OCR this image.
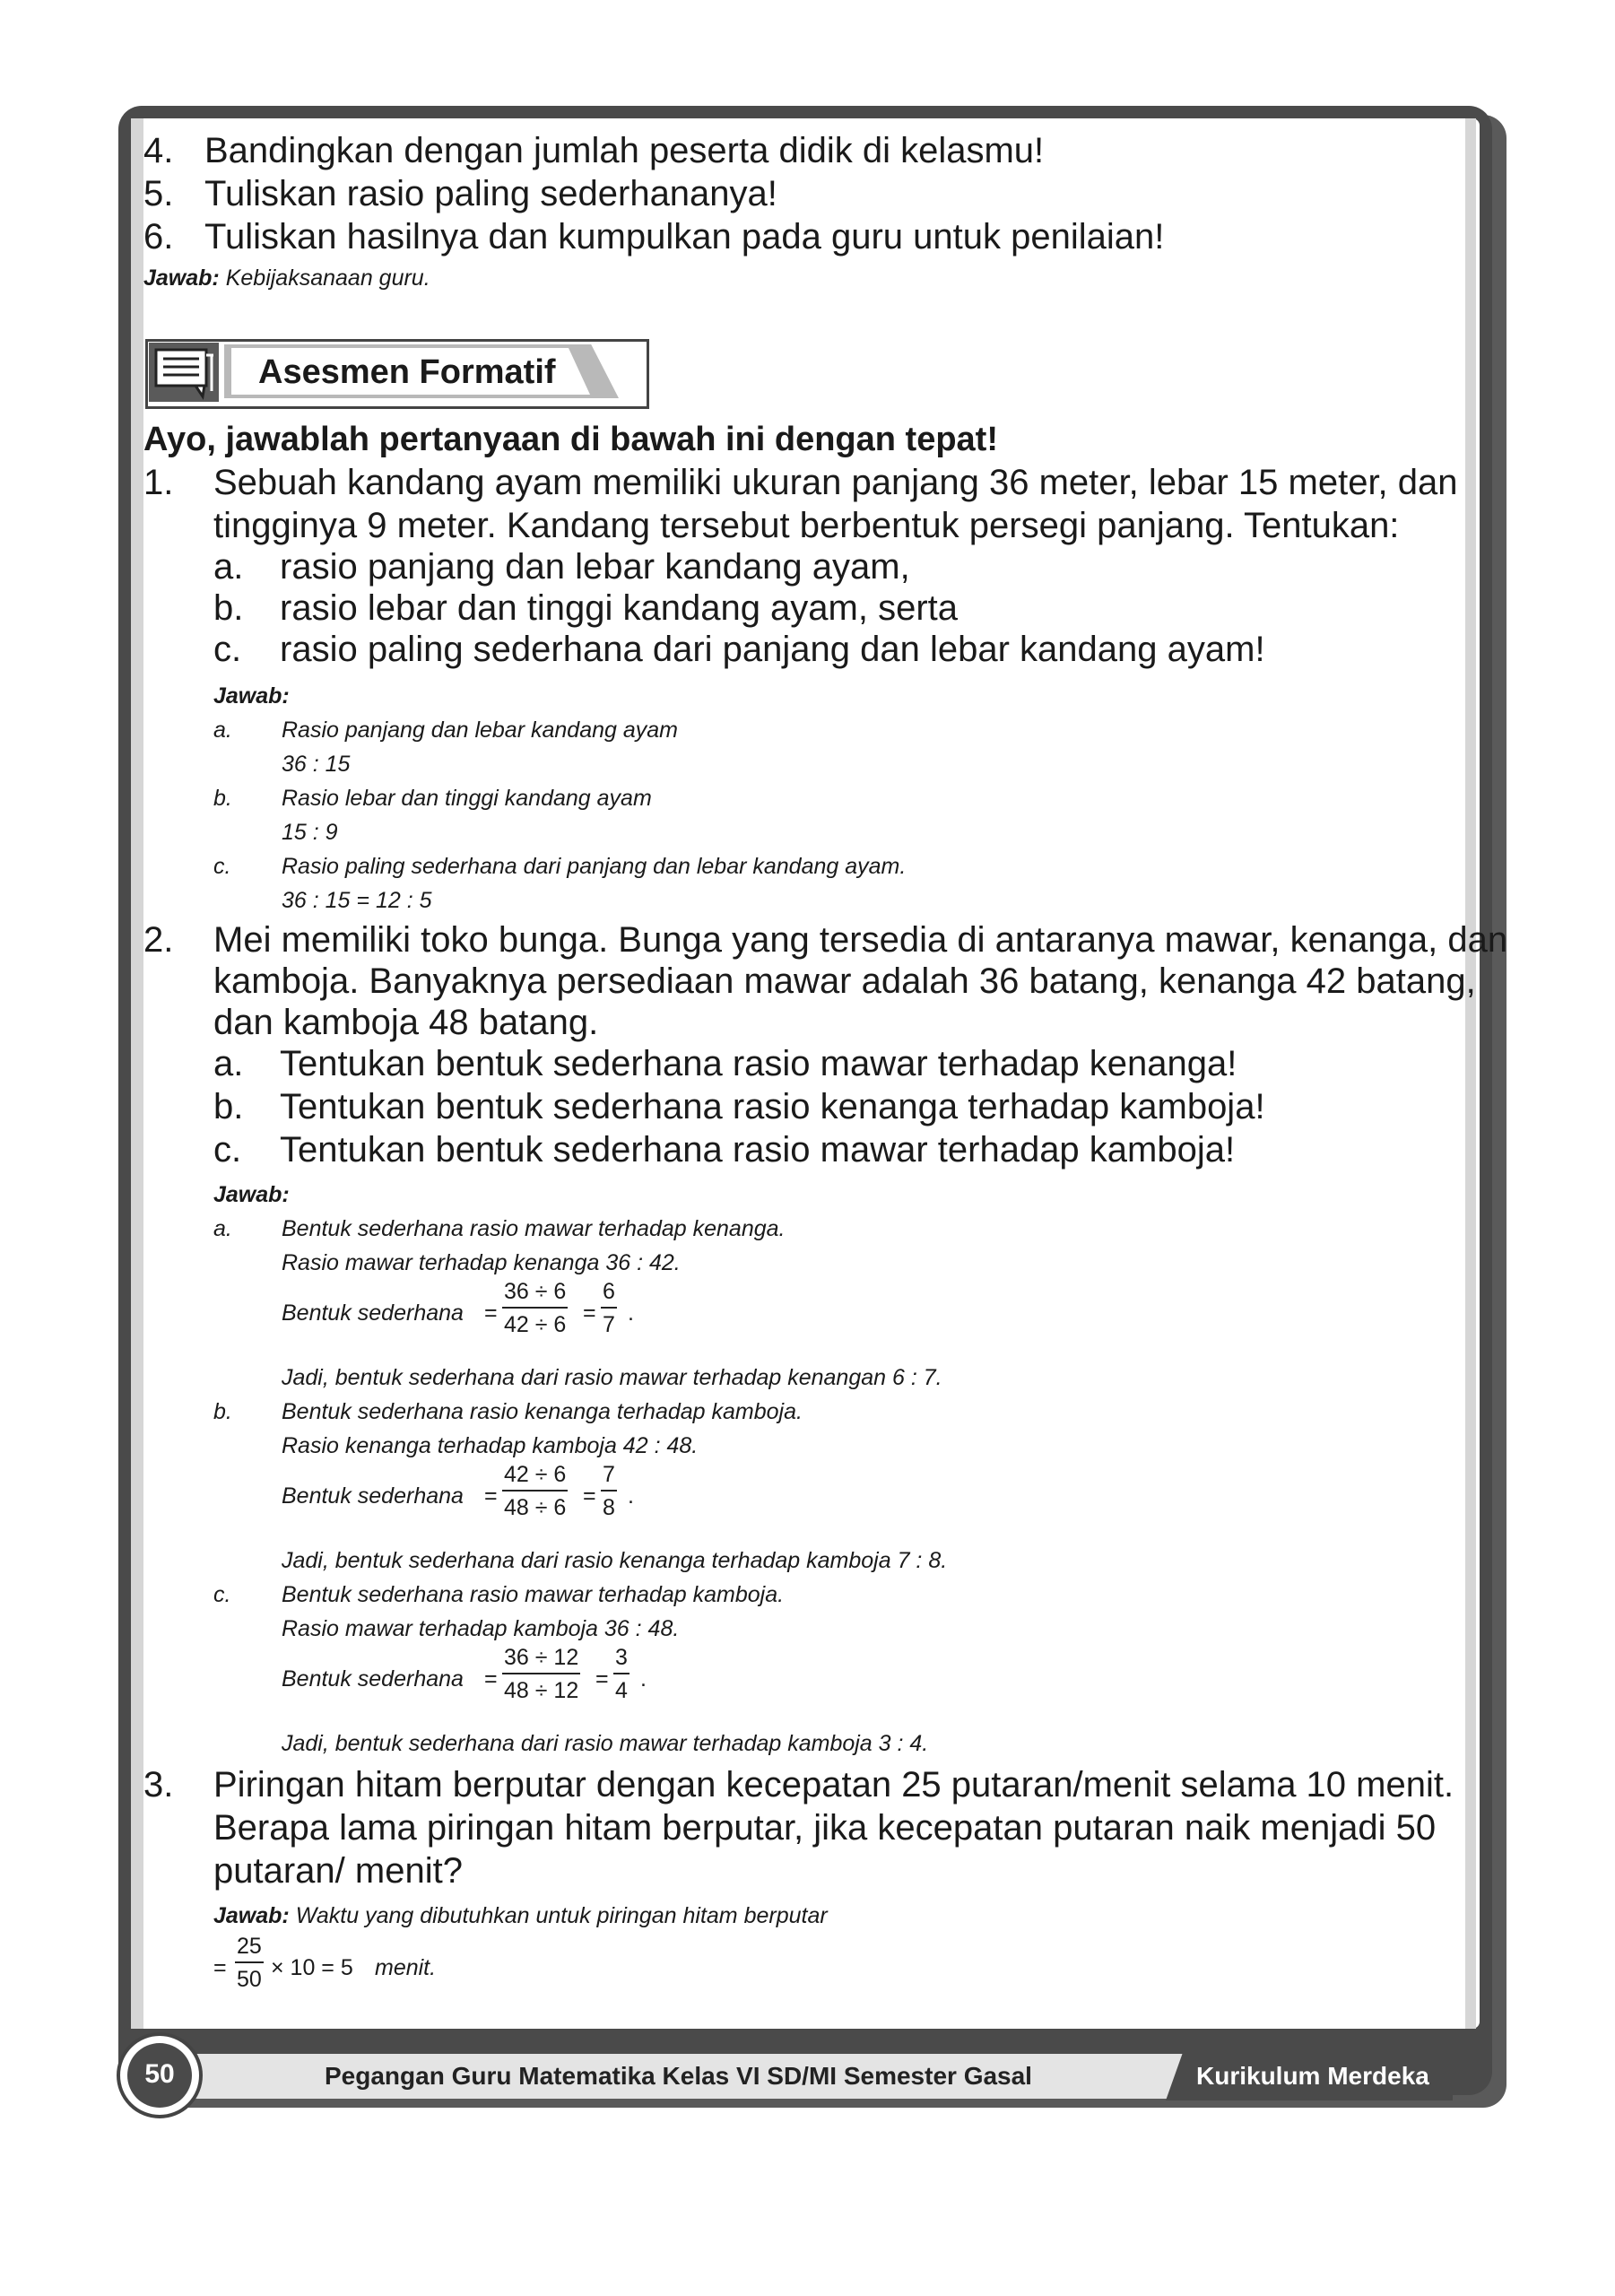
4. Bandingkan dengan jumlah peserta didik di kelasmu!
5. Tuliskan rasio paling sederhananya!
6. Tuliskan hasilnya dan kumpulkan pada guru untuk penilaian!
Jawab: Kebijaksanaan guru.
Asesmen Formatif
Ayo, jawablah pertanyaan di bawah ini dengan tepat!
1. Sebuah kandang ayam memiliki ukuran panjang 36 meter, lebar 15 meter, dan
tingginya 9 meter. Kandang tersebut berbentuk persegi panjang. Tentukan:
a. rasio panjang dan lebar kandang ayam,
b. rasio lebar dan tinggi kandang ayam, serta
c. rasio paling sederhana dari panjang dan lebar kandang ayam!
Jawab:
a. Rasio panjang dan lebar kandang ayam
36 : 15
b. Rasio lebar dan tinggi kandang ayam
15 : 9
c. Rasio paling sederhana dari panjang dan lebar kandang ayam.
36 : 15 = 12 : 5
2. Mei memiliki toko bunga. Bunga yang tersedia di antaranya mawar, kenanga, dan
kamboja. Banyaknya persediaan mawar adalah 36 batang, kenanga 42 batang,
dan kamboja 48 batang.
a. Tentukan bentuk sederhana rasio mawar terhadap kenanga!
b. Tentukan bentuk sederhana rasio kenanga terhadap kamboja!
c. Tentukan bentuk sederhana rasio mawar terhadap kamboja!
Jawab:
a. Bentuk sederhana rasio mawar terhadap kenanga.
Rasio mawar terhadap kenanga 36 : 42.
Bentuk sederhana =
36 ÷ 6
42 ÷ 6 =
6
7 .
Jadi, bentuk sederhana dari rasio mawar terhadap kenangan 6 : 7.
b. Bentuk sederhana rasio kenanga terhadap kamboja.
Rasio kenanga terhadap kamboja 42 : 48.
Bentuk sederhana =
42 ÷ 6
48 ÷ 6 =
7
8 .
Jadi, bentuk sederhana dari rasio kenanga terhadap kamboja 7 : 8.
c. Bentuk sederhana rasio mawar terhadap kamboja.
Rasio mawar terhadap kamboja 36 : 48.
Bentuk sederhana =
36 ÷ 12
48 ÷ 12 =
3
4 .
Jadi, bentuk sederhana dari rasio mawar terhadap kamboja 3 : 4.
3. Piringan hitam berputar dengan kecepatan 25 putaran/menit selama 10 menit.
Berapa lama piringan hitam berputar, jika kecepatan putaran naik menjadi 50
putaran/ menit?
Jawab: Waktu yang dibutuhkan untuk piringan hitam berputar
=
25
50 × 10 = 5 menit.
Pegangan Guru Matematika Kelas VI SD/MI Semester Gasal	Kurikulum Merdeka
50
